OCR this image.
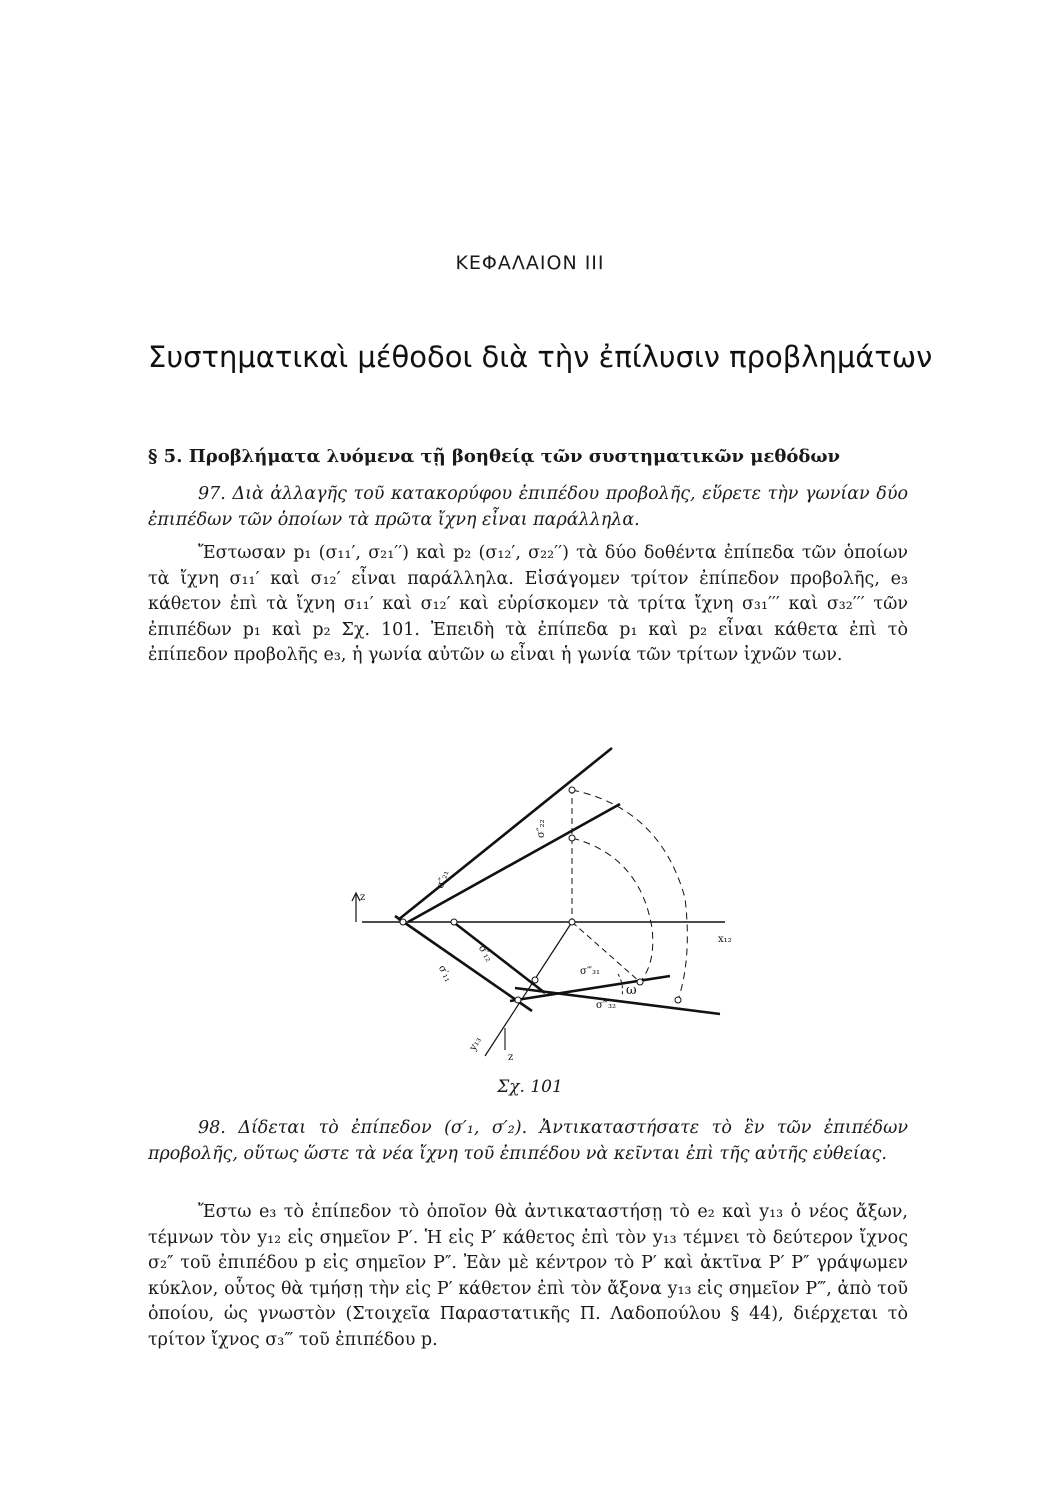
ΚΕΦΑΛΑΙΟΝ ΙΙΙ
Συστηματικαὶ μέθοδοι διὰ τὴν ἐπίλυσιν προβλημάτων
§ 5. Προβλήματα λυόμενα τῇ βοηθείᾳ τῶν συστηματικῶν μεθόδων

97. Διὰ ἀλλαγῆς τοῦ κατακορύφου ἐπιπέδου προβολῆς, εὕρετε τὴν γωνίαν δύο ἐπιπέδων τῶν ὁποίων τὰ πρῶτα ἴχνη εἶναι παράλληλα.

Ἔστωσαν p₁ (σ₁₁′, σ₂₁′′) καὶ p₂ (σ₁₂′, σ₂₂′′) τὰ δύο δοθέντα ἐπίπεδα τῶν ὁποίων τὰ ἴχνη σ₁₁′ καὶ σ₁₂′ εἶναι παράλληλα. Εἰσάγομεν τρίτον ἐπίπεδον προβολῆς, e₃ κάθετον ἐπὶ τὰ ἴχνη σ₁₁′ καὶ σ₁₂′ καὶ εὑρίσκομεν τὰ τρίτα ἴχνη σ₃₁′′′ καὶ σ₃₂′′′ τῶν ἐπιπέδων p₁ καὶ p₂ Σχ. 101. Ἐπειδὴ τὰ ἐπίπεδα p₁ καὶ p₂ εἶναι κάθετα ἐπὶ τὸ ἐπίπεδον προβολῆς e₃, ἡ γωνία αὐτῶν ω εἶναι ἡ γωνία τῶν τρίτων ἰχνῶν των.

z
z
x₁₂
y₁₃
σ″₂₂
σ″₂₁
σ′₁₁
σ′₁₂
σ‴₃₁
σ‴₃₂
ω
Σχ. 101

98. Δίδεται τὸ ἐπίπεδον (σ′₁, σ′₂). Ἀντικαταστήσατε τὸ ἓν τῶν ἐπιπέδων προβολῆς, οὕτως ὥστε τὰ νέα ἴχνη τοῦ ἐπιπέδου νὰ κεῖνται ἐπὶ τῆς αὐτῆς εὐθείας.

Ἔστω e₃ τὸ ἐπίπεδον τὸ ὁποῖον θὰ ἀντικαταστήσῃ τὸ e₂ καὶ y₁₃ ὁ νέος ἄξων, τέμνων τὸν y₁₂ εἰς σημεῖον P′. Ἡ εἰς P′ κάθετος ἐπὶ τὸν y₁₃ τέμνει τὸ δεύτερον ἴχνος σ₂″ τοῦ ἐπιπέδου p εἰς σημεῖον P″. Ἐὰν μὲ κέντρον τὸ P′ καὶ ἀκτῖνα P′ P″ γράψωμεν κύκλον, οὗτος θὰ τμήσῃ τὴν εἰς P′ κάθετον ἐπὶ τὸν ἄξονα y₁₃ εἰς σημεῖον P‴, ἀπὸ τοῦ ὁποίου, ὡς γνωστὸν (Στοιχεῖα Παραστατικῆς Π. Λαδοπούλου § 44), διέρχεται τὸ τρίτον ἴχνος σ₃‴ τοῦ ἐπιπέδου p.
